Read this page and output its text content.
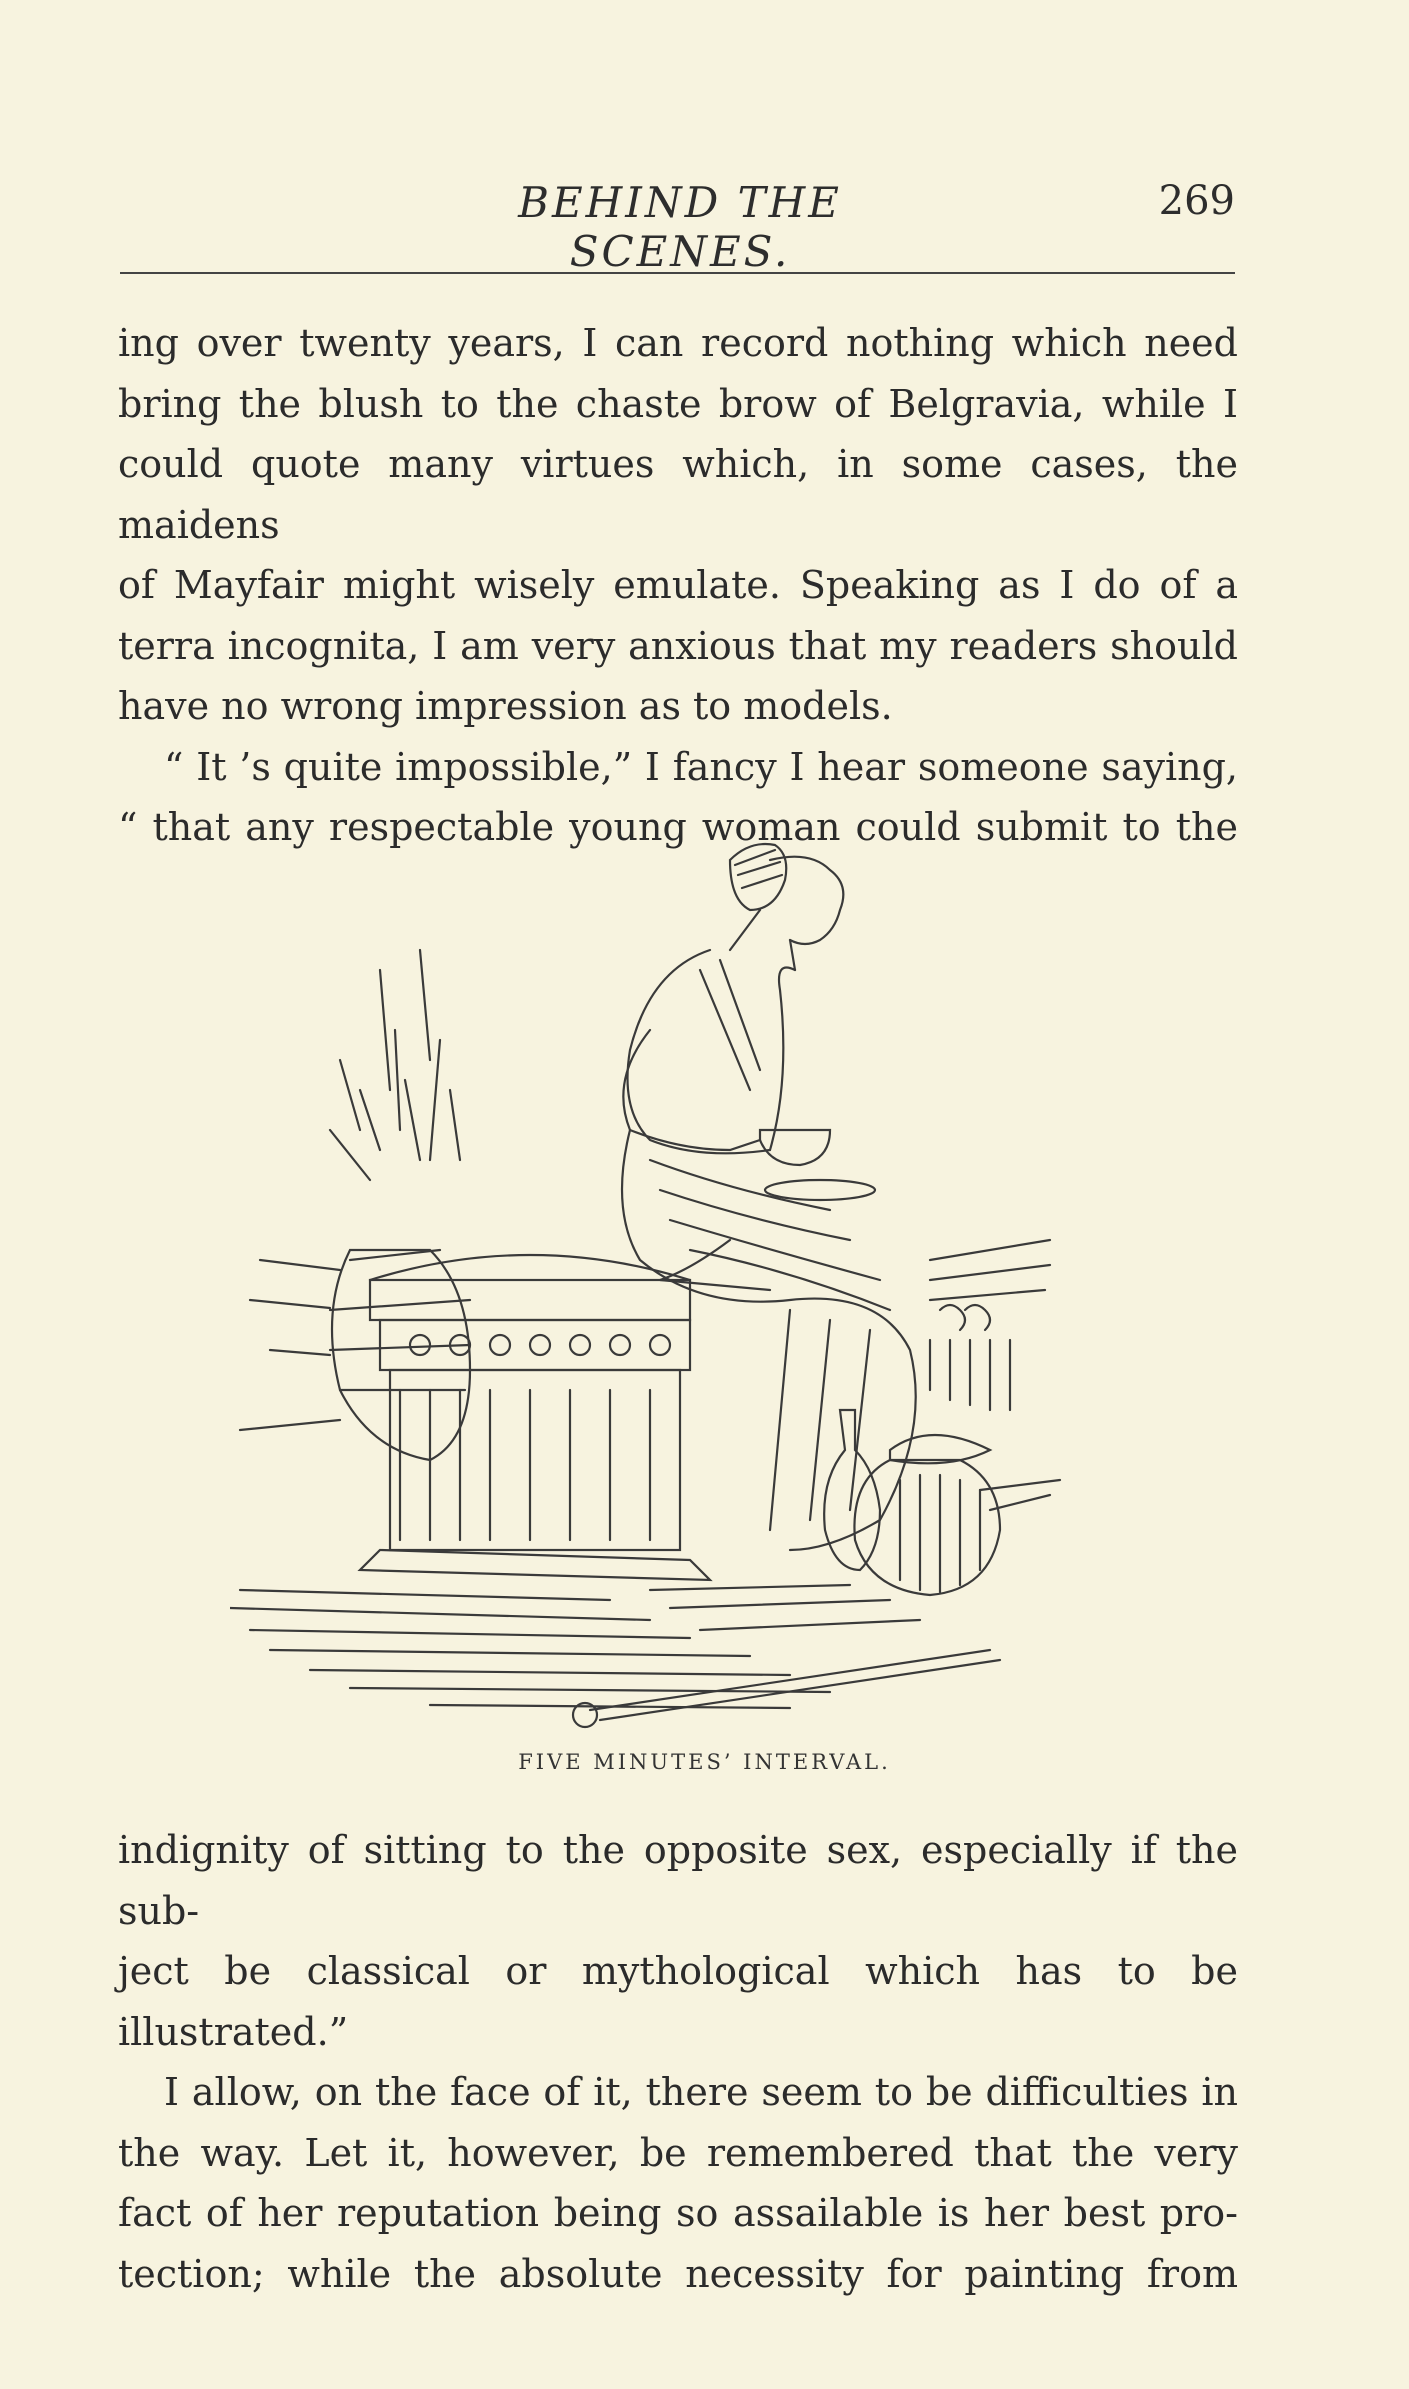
BEHIND THE SCENES.
269

ing over twenty years, I can record nothing which need

bring the blush to the chaste brow of Belgravia, while I

could quote many virtues which, in some cases, the maidens

of Mayfair might wisely emulate. Speaking as I do of a

terra incognita, I am very anxious that my readers should

have no wrong impression as to models.

“ It ’s quite impossible,” I fancy I hear someone saying,

“ that any respectable young woman could submit to the

FIVE MINUTES’ INTERVAL.

indignity of sitting to the opposite sex, especially if the sub-

ject be classical or mythological which has to be illustrated.”

I allow, on the face of it, there seem to be difficulties in

the way. Let it, however, be remembered that the very

fact of her reputation being so assailable is her best pro-

tection; while the absolute necessity for painting from
